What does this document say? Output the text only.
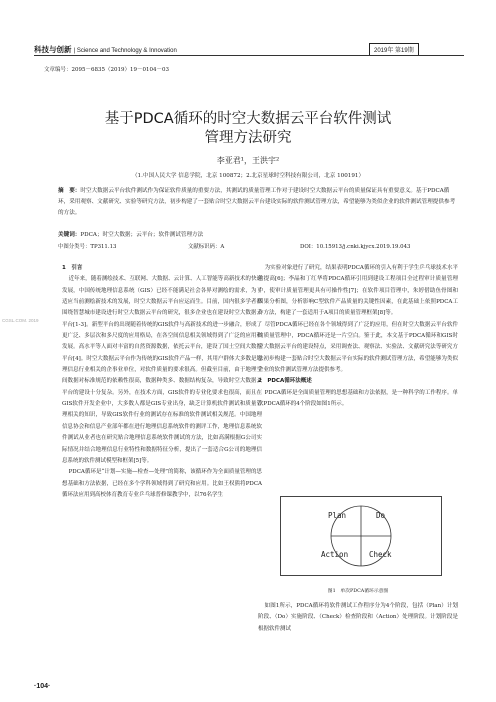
科技与创新 | Science and Technology & Innovation	2019年 第19期
文章编号：2095－6835（2019）19－0104－03
基于PDCA循环的时空大数据云平台软件测试
管理方法研究
李亚君¹，王洪宇²
（1.中国人民大学 信息学院，北京 100872；2.北京星球时空科技有限公司，北京 100191）
摘　要：时空大数据云平台软件测试作为保证软件质量的重要方法，其测试的质量管理工作对于建设时空大数据云平台的质量保证具有重要意义。基于PDCA循环，采用观察、文献研究、实验等研究方法，初步构建了一套贴合时空大数据云平台建设实际的软件测试管理方法，希望能够为类似企业的软件测试管理提供参考的方法。
关键词：PDCA；时空大数据；云平台；软件测试管理方法
中图分类号：TP311.13	文献标识码：A	DOI：10.15913/j.cnki.kjycx.2019.19.043
1　引言

近年来，随着测绘技术、互联网、大数据、云计算、人工智能等高新技术的快速发展，中国传统地理信息系统（GIS）已经不能满足社会各界对测绘的需求，为了适应当前测绘新技术的发展，时空大数据云平台应运而生。目前，国内很多学者都围绕智慧城市建设进行时空大数据云平台的研究，很多企业也在建设时空大数据云平台[1-3]。新型平台的出现随着传统的GIS软件与高新技术的进一步融合，形成了更广泛、多层次和多尺度的应用格局，在各空间信息相关领域得到了广泛的应用和发展。高水平等人面对丰富的自然资源数据，依托云平台，建设了国土空间大数据平台[4]。时空大数据云平台作为传统的GIS软件产品一样，其用户群体大多数是地理信息行业相关的企事业单位，对软件质量的要求很高。但截至目前，由于地理空间数据对标准规范的依赖性很高，数据种类多、数据结构复杂，导致时空大数据云平台的建设十分复杂。另外，在技术方面，GIS软件的专业化要求也很高，而且在GIS软件开发企业中，大多数人都是GIS专业出身，缺乏计算机软件测试和质量管理相关的知识，导致GIS软件行业的测试存在标准的软件测试相关规范。中国地理信息协会和信息产业部年都在进行地理信息系统软件的测评工作，地理信息系统软件测试从业者也在研究贴合地理信息系统软件测试的方法，比如高满根据G公司实际情况并结合地理信息行业特性和数据特征分析，提出了一套适合G公司的地理信息系统的软件测试模型和框架[5]等。

PDCA循环是“计划—实施—检查—处理”的简称，该循环作为全面质量管理的思想基础和方法依据，已经在多个学科领域得到了研究和应用。比如王权熊将PDCA循环法应用到高校体育教育专业乒乓球普修课教学中，以76名学生

为实验对象进行了研究，结果表明PDCA循环的引入有利于学生乒乓球技术水平的提高[6]；李晶和丁红华将PDCA循环引用到建设工程项目全过程审计质量管理中，使审计质量管理更具有可操作性[7]；在软件项目管理中，朱婷借助鱼骨图和因果分析图，分析影响C型软件产品质量的关键性因素，在此基础上依照PDCA工作方法，构建了一套适用于A项目的质量管理框架[8]等。

尽管PDCA循环已经在各个领域得到了广泛的应用，但在时空大数据云平台软件的质量管理中，PDCA循环还是一片空白。鉴于此，本文基于PDCA循环和GIS时空大数据云平台的建设特点，采用调查法、观察法、实验法、文献研究法等研究方法初步构建一套贴合时空大数据云平台实际的软件测试管理方法，希望能够为类似企业的软件测试管理方法提供参考。

2　PDCA循环法概述

PDCA循环是全面质量管理的思想基础和方法依据，是一种科学的工作程序。单次PDCA循环的4个阶段如图1所示。

Plan	Do
Action	Check
图1　单次PDCA循环示意图

如图1所示，PDCA循环将软件测试工作程序分为4个阶段，包括（Plan）计划阶段、（Do）实施阶段、（Check）检查阶段和（Action）处理阶段。计划阶段是根据软件测试

CGSL.COM. 2019
·104·
